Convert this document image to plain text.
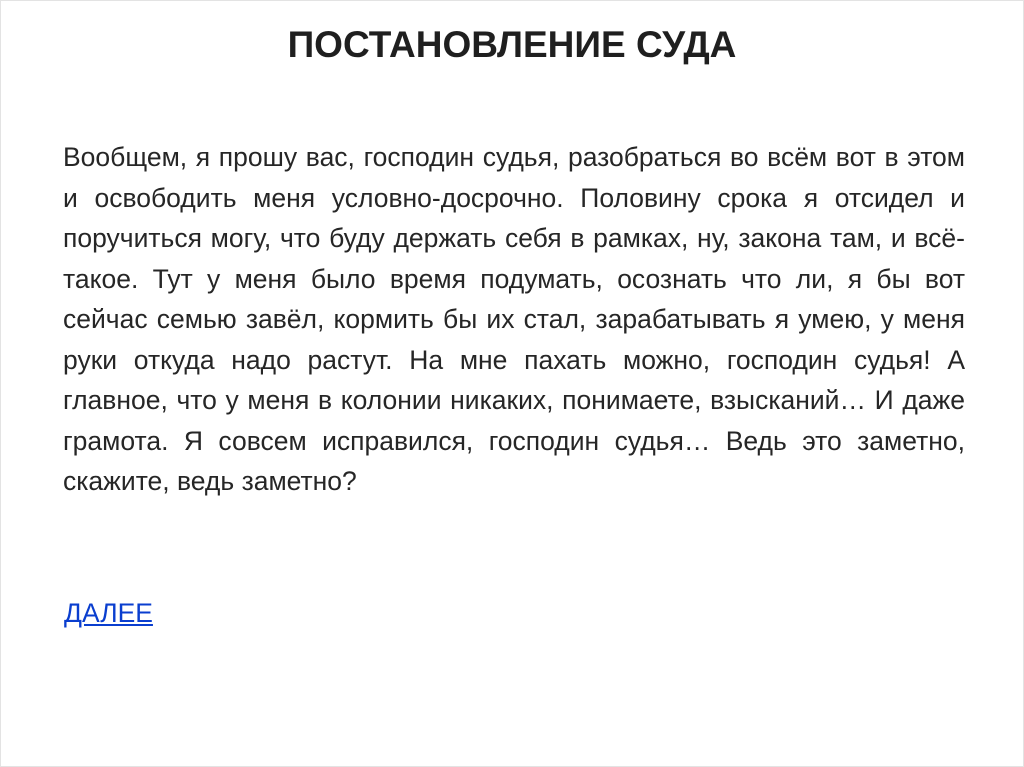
ПОСТАНОВЛЕНИЕ СУДА

Вообщем, я прошу вас, господин судья, разобраться во всём вот в этом и освободить меня условно-досрочно. Половину срока я отсидел и поручиться могу, что буду держать себя в рамках, ну, закона там, и всё-такое. Тут у меня было время подумать, осознать что ли, я бы вот сейчас семью завёл, кормить бы их стал, зарабатывать я умею, у меня руки откуда надо растут. На мне пахать можно, господин судья! А главное, что у меня в колонии никаких, понимаете, взысканий… И даже грамота. Я совсем исправился, господин судья… Ведь это заметно, скажите, ведь заметно?

ДАЛЕЕ
